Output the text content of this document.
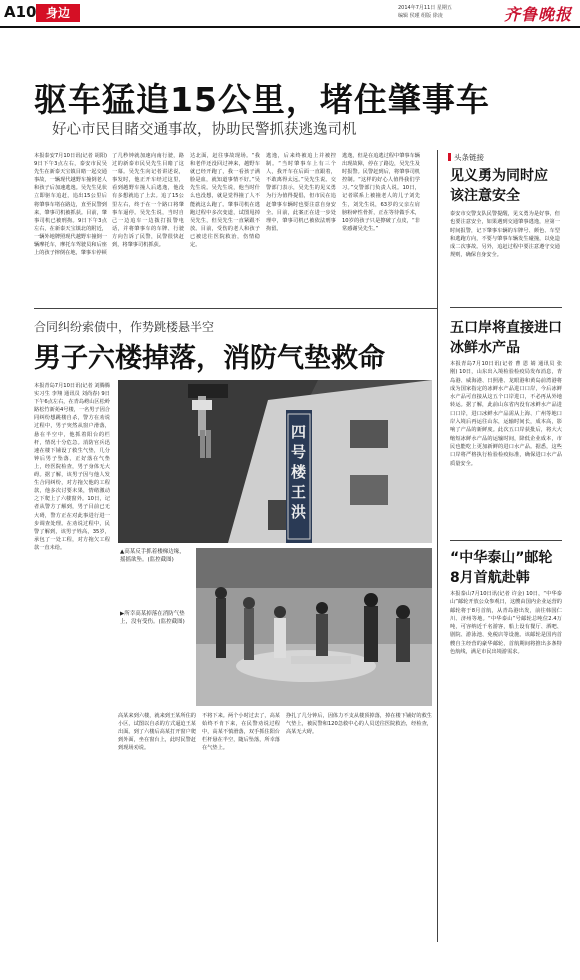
A10 身边	2014年7月11日 星期五
编辑 侯瑾 组版 徐凌	齐鲁晚报
驱车猛追15公里，堵住肇事车
好心市民目睹交通事故，协助民警抓获逃逸司机
本报泰安7月10日讯(记者 胡阳) 9日下午3点左右，泰安市民吴先生在新泰天宝镇目睹一起交通事故，一辆现代越野车撞倒老人和孩子后加速逃逸。吴先生见状立即驱车追赶，追出15公里后将肇事车堵在路边，直至民警到来，肇事司机被抓获。目前，肇事司机已被刑拘。9日下午3点左右，在新泰天宝镇北的附近，一辆外地牌照现代越野车撞倒一辆摩托车，摩托车驾驶员和后座上的孩子摔倒在地，肇事车停顿
了几秒钟就加速向南行驶，路过的新泰市民吴先生目睹了这一幕。吴先生向记者讲述说，事发时，他正开车经过这里，看到越野车撞人后逃逸，他没有多想就追了上去。追了15公里左右，终于在一个路口将肇事车逼停。吴先生说，当时自己一边追车一边拨打报警电话，并将肇事车的车牌、行驶方向告诉了民警，民警很快赶到，将肇事司机抓获。
达北面，赶往事故现场。“我和老伴还没回过神来，越野车就已经开跑了，我一看孩子满脸是血，就知道事情不好。”吴先生说。吴先生说，他当时什么也没想，就是觉得撞了人不能就这么跑了。肇事司机在逃跑过程中多次变道，试图甩掉吴先生，但吴先生一直紧跟不放。目前，受伤的老人和孩子已被送往医院救治，伤情稳定。
逃逸，后来终被追上并被控制。“当时肇事车上有三个人，我开车在后面一直跟着，不敢离得太远。”吴先生说。交警部门表示，吴先生的见义勇为行为值得提倡，但市民在追赶肇事车辆时也要注意自身安全。目前，此案正在进一步处理中，肇事司机已被依法刑事拘留。
逃逸，但是在追逃过程中肇事车辆出现故障，停在了路边，吴先生及时报警。民警赶到后，将肇事司机控制。“这样的好心人值得我们学习。”交警部门负责人说。10日，记者联系上被撞老人的儿子刘先生，刘先生说，63岁的父亲左肩膀粉碎性骨折，正在等待做手术，10岁的孩子只是擦破了点皮，“非常感谢吴先生。”
头条链接
见义勇为同时应该注意安全
泰安市交警支队民警提醒，见义勇为是好事，但也要注意安全，如果遇到交通肇事逃逸，应第一时间报警，记下肇事车辆的车牌号、颜色、车型和逃跑方向，不要与肇事车辆发生碰撞，以免造成二次事故。另外，追赶过程中要注意遵守交通规则，确保自身安全。
五口岸将直接进口冰鲜水产品
本报青岛7月10日讯(记者 曹 恩 婧 通讯员 张 刚) 10日，山东出入境检验检疫局发布消息，青岛港、威海港、日照港、龙眼港和黄岛前湾港将成为国家指定的冰鲜水产品进口口岸，今后冰鲜水产品可直接从这五个口岸进口，不必再从外地转运。据了解，此前山东省内没有冰鲜水产品进口口岸，进口冰鲜水产品需从上海、广州等地口岸入境后再运往山东，运输时间长，成本高，影响了产品的新鲜度。此次五口岸获批后，将大大缩短冰鲜水产品的运输时间，降低企业成本，市民也能吃上更加新鲜的进口水产品。据悉，这些口岸将严格执行检验检疫标准，确保进口水产品质量安全。
“中华泰山”邮轮8月首航赴韩
本报泰山7月10日讯(记者 许金) 10日，“中华泰山”邮轮开放公众参观日，这艘由国内企业运营的邮轮将于8月首航，从青岛港出发，前往韩国仁川、济州等地。“中华泰山”号邮轮总吨位2.4万吨，可容纳近千名游客，船上设有餐厅、酒吧、剧院、游泳池、免税店等设施。该邮轮是国内首艘自主经营的豪华邮轮，首航期间将推出多条特色航线，满足市民出境游需求。
合同纠纷索债中，作势跳楼悬半空
男子六楼掉落，消防气垫救命
本报青岛7月10日讯(记者 刘腾腾 实习生 李翔 通讯员 刘尚春) 9日下午6点左右，在青岛崂山区松岭路松竹新苑4号楼，一名男子因合同纠纷想跳楼自杀，警方在劝说过程中，男子突然从窗户滑落，悬在半空中，他抓着阳台的栏杆，情况十分危急。消防官兵迅速在楼下铺设了救生气垫，几分钟后男子坠落，正好落在气垫上，经医院检查，男子身体无大碍。据了解，该男子因与他人发生合同纠纷，对方拖欠他的工程款，他多次讨要未果，情绪激动之下爬上了六楼窗外。10日，记者从警方了解到，男子目前已无大碍，警方正在对此事进行进一步调查处理。在劝说过程中，民警了解到，该男子姓高，35岁，承包了一处工程，对方拖欠工程款一直未给。
四号楼王洪
▲高某反手抓着楼梯边缘，摇摇欲坠。(监控截图)
▶所幸高某掉落在消防气垫上，没有受伤。(监控截图)
高某来到六楼，就来到王某所住的小区，试图以自杀的方式逼迫王某出面。到了六楼后高某打开窗户爬到外面，坐在窗台上，此时民警赶到现场劝说。
不将下来。两个小时过去了，高某始终不肯下来，在民警劝说过程中，高某不慎滑落，双手抓住阳台栏杆悬在半空，随后坠落，所幸落在气垫上。
挣扎了几分钟后，因体力不支从楼顶掉落，掉在楼下铺好的救生气垫上，被民警和120急救中心的人员送往医院救治，经检查，高某无大碍。
